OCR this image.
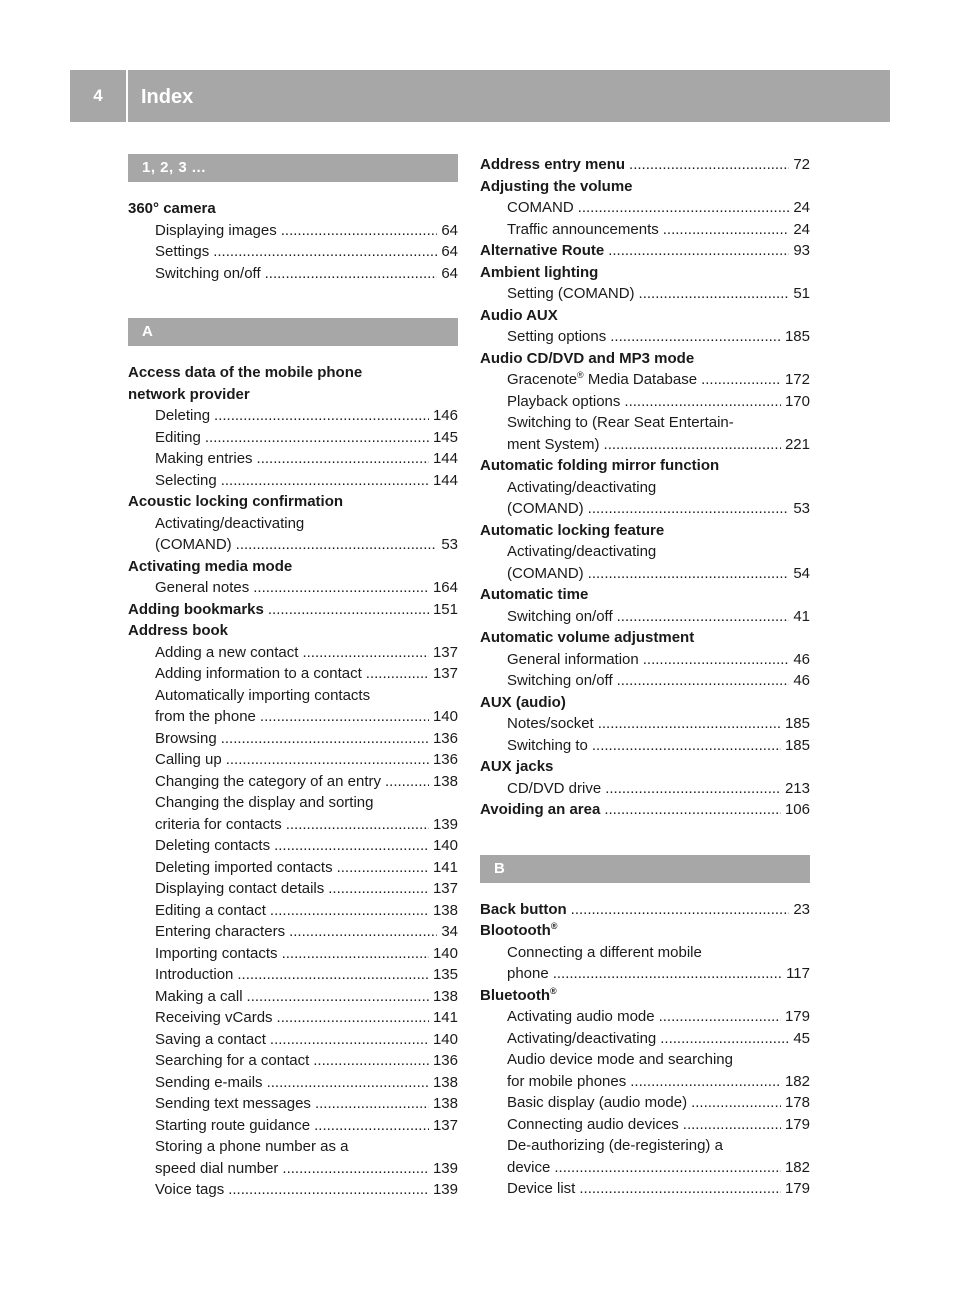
4	Index
1, 2, 3 ...
360° camera
Displaying images .....	64
Settings .....	64
Switching on/off .....	64
A
Access data of the mobile phone
network provider
Deleting .....	146
Editing .....	145
Making entries .....	144
Selecting .....	144
Acoustic locking confirmation
Activating/deactivating
(COMAND) .....	53
Activating media mode
General notes .....	164
Adding bookmarks .....	151
Address book
Adding a new contact .....	137
Adding information to a contact .....	137
Automatically importing contacts
from the phone .....	140
Browsing .....	136
Calling up .....	136
Changing the category of an entry .....	138
Changing the display and sorting
criteria for contacts .....	139
Deleting contacts .....	140
Deleting imported contacts .....	141
Displaying contact details .....	137
Editing a contact .....	138
Entering characters .....	34
Importing contacts .....	140
Introduction .....	135
Making a call .....	138
Receiving vCards .....	141
Saving a contact .....	140
Searching for a contact .....	136
Sending e-mails .....	138
Sending text messages .....	138
Starting route guidance .....	137
Storing a phone number as a
speed dial number .....	139
Voice tags .....	139
Address entry menu .....	72
Adjusting the volume
COMAND .....	24
Traffic announcements .....	24
Alternative Route .....	93
Ambient lighting
Setting (COMAND) .....	51
Audio AUX
Setting options .....	185
Audio CD/DVD and MP3 mode
Gracenote® Media Database .....	172
Playback options .....	170
Switching to (Rear Seat Entertain-
ment System) .....	221
Automatic folding mirror function
Activating/deactivating
(COMAND) .....	53
Automatic locking feature
Activating/deactivating
(COMAND) .....	54
Automatic time
Switching on/off .....	41
Automatic volume adjustment
General information .....	46
Switching on/off .....	46
AUX (audio)
Notes/socket .....	185
Switching to .....	185
AUX jacks
CD/DVD drive .....	213
Avoiding an area .....	106
B
Back button .....	23
Blootooth®
Connecting a different mobile
phone .....	117
Bluetooth®
Activating audio mode .....	179
Activating/deactivating .....	45
Audio device mode and searching
for mobile phones .....	182
Basic display (audio mode) .....	178
Connecting audio devices .....	179
De-authorizing (de-registering) a
device .....	182
Device list .....	179
